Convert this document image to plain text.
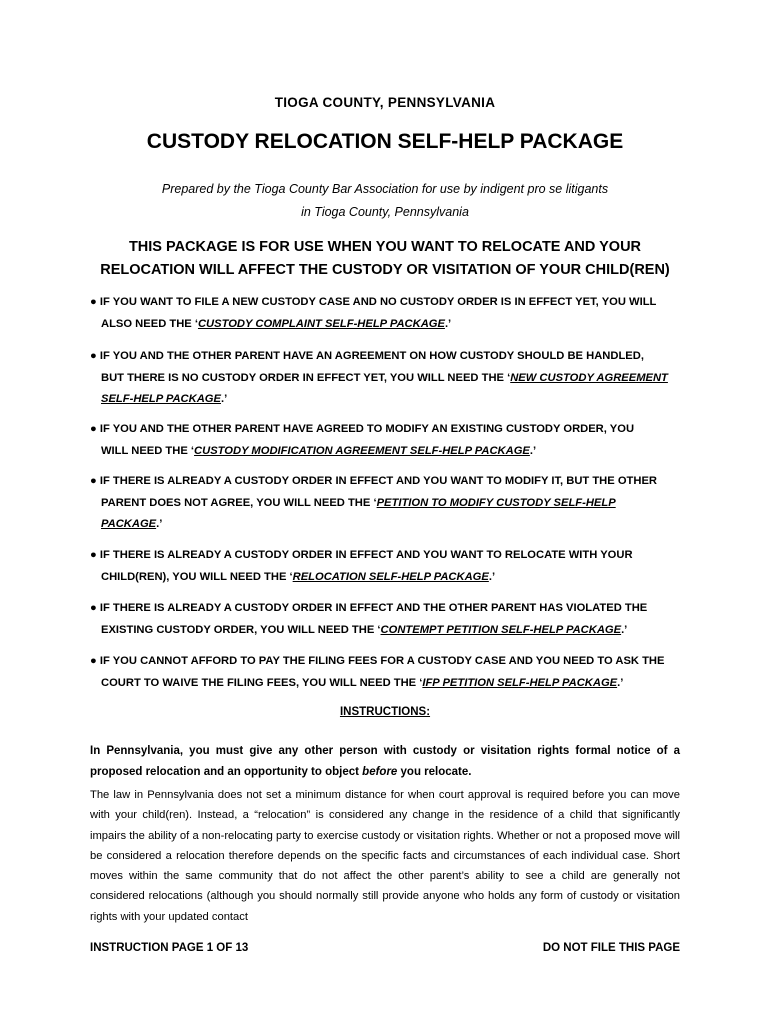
TIOGA COUNTY, PENNSYLVANIA
CUSTODY RELOCATION SELF-HELP PACKAGE
Prepared by the Tioga County Bar Association for use by indigent pro se litigants
in Tioga County, Pennsylvania
THIS PACKAGE IS FOR USE WHEN YOU WANT TO RELOCATE AND YOUR
RELOCATION WILL AFFECT THE CUSTODY OR VISITATION OF YOUR CHILD(REN)
● IF YOU WANT TO FILE A NEW CUSTODY CASE AND NO CUSTODY ORDER IS IN EFFECT YET, YOU WILL
ALSO NEED THE ‘CUSTODY COMPLAINT SELF-HELP PACKAGE.’
● IF YOU AND THE OTHER PARENT HAVE AN AGREEMENT ON HOW CUSTODY SHOULD BE HANDLED,
BUT THERE IS NO CUSTODY ORDER IN EFFECT YET, YOU WILL NEED THE ‘NEW CUSTODY AGREEMENT
SELF-HELP PACKAGE.’
● IF YOU AND THE OTHER PARENT HAVE AGREED TO MODIFY AN EXISTING CUSTODY ORDER, YOU
WILL NEED THE ‘CUSTODY MODIFICATION AGREEMENT SELF-HELP PACKAGE.’
● IF THERE IS ALREADY A CUSTODY ORDER IN EFFECT AND YOU WANT TO MODIFY IT, BUT THE OTHER
PARENT DOES NOT AGREE, YOU WILL NEED THE ‘PETITION TO MODIFY CUSTODY SELF-HELP
PACKAGE.’
● IF THERE IS ALREADY A CUSTODY ORDER IN EFFECT AND YOU WANT TO RELOCATE WITH YOUR
CHILD(REN), YOU WILL NEED THE ‘RELOCATION SELF-HELP PACKAGE.’
● IF THERE IS ALREADY A CUSTODY ORDER IN EFFECT AND THE OTHER PARENT HAS VIOLATED THE
EXISTING CUSTODY ORDER, YOU WILL NEED THE ‘CONTEMPT PETITION SELF-HELP PACKAGE.’
● IF YOU CANNOT AFFORD TO PAY THE FILING FEES FOR A CUSTODY CASE AND YOU NEED TO ASK THE
COURT TO WAIVE THE FILING FEES, YOU WILL NEED THE ‘IFP PETITION SELF-HELP PACKAGE.’
INSTRUCTIONS:
In Pennsylvania, you must give any other person with custody or visitation rights formal notice of a proposed relocation and an opportunity to object before you relocate.
The law in Pennsylvania does not set a minimum distance for when court approval is required before you can move with your child(ren). Instead, a “relocation” is considered any change in the residence of a child that significantly impairs the ability of a non-relocating party to exercise custody or visitation rights. Whether or not a proposed move will be considered a relocation therefore depends on the specific facts and circumstances of each individual case. Short moves within the same community that do not affect the other parent’s ability to see a child are generally not considered relocations (although you should normally still provide anyone who holds any form of custody or visitation rights with your updated contact
INSTRUCTION PAGE 1 OF 13	DO NOT FILE THIS PAGE
